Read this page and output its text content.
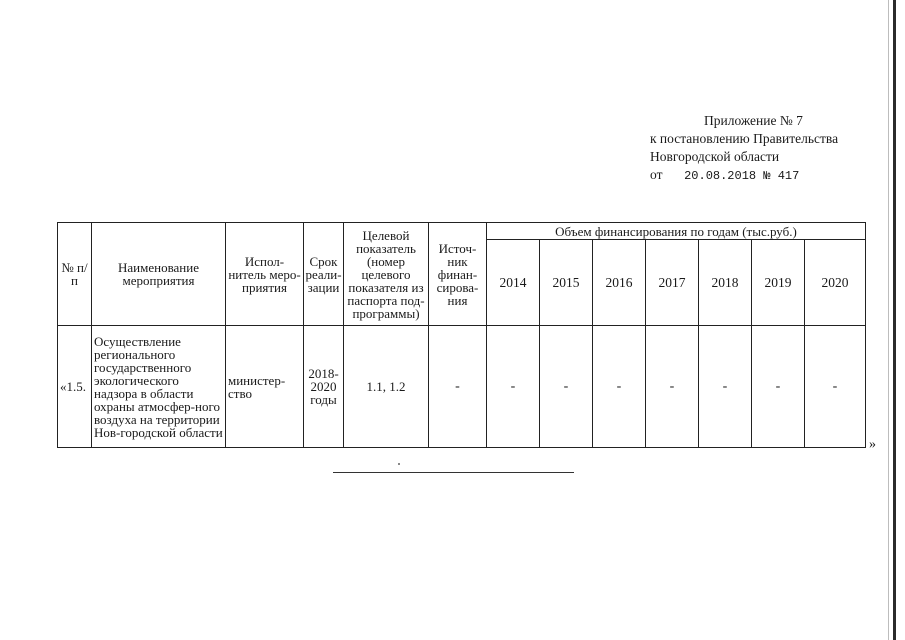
Приложение № 7
к постановлению Правительства
Новгородской области
от 20.08.2018 № 417
№ п/п	Наименование мероприятия	Испол-нитель меро-приятия	Срок реали-зации	Целевой показатель (номер целевого показателя из паспорта под-программы)	Источ-ник финан-сирова-ния	Объем финансирования по годам (тыс.руб.)						
						2014	2015	2016	2017	2018	2019	2020
«1.5.	Осуществление регионального государственного экологического надзора в области охраны атмосфер-ного воздуха на территории Нов-городской области	министер-ство	2018-2020 годы	1.1, 1.2	-	-	-	-	-	-	-	-
»
